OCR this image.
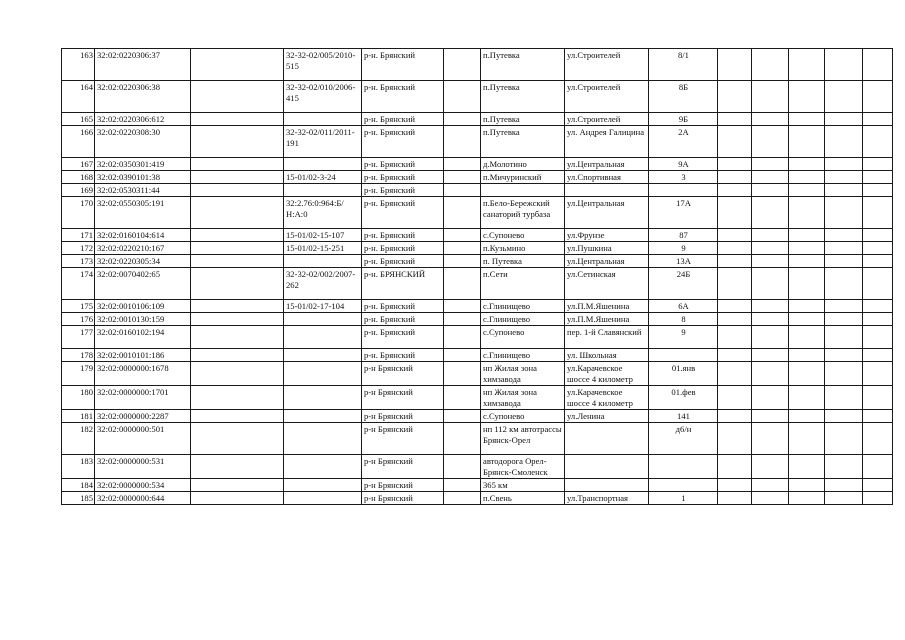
163	32:02:0220306:37		32-32-02/005/2010-515	р-н. Брянский		п.Путевка	ул.Строителей	8/1					
164	32:02:0220306:38		32-32-02/010/2006-415	р-н. Брянский		п.Путевка	ул.Строителей	8Б					
165	32:02:0220306:612			р-н. Брянский		п.Путевка	ул.Строителей	9Б					
166	32:02:0220308:30		32-32-02/011/2011-191	р-н. Брянский		п.Путевка	ул. Андрея Галицина	2А					
167	32:02:0350301:419			р-н. Брянский		д.Молотино	ул.Центральная	9А					
168	32:02:0390101:38		15-01/02-3-24	р-н. Брянский		п.Мичуринский	ул.Спортивная	3					
169	32:02:0530311:44			р-н. Брянский									
170	32:02:0550305:191		32:2.76:0:964:Б/Н:А:0	р-н. Брянский		п.Бело-Бережский санаторий турбаза	ул.Центральная	17А					
171	32:02:0160104:614		15-01/02-15-107	р-н. Брянский		с.Супонево	ул.Фрунзе	87					
172	32:02:0220210:167		15-01/02-15-251	р-н. Брянский		п.Кузьмино	ул.Пушкина	9					
173	32:02:0220305:34			р-н. Брянский		п. Путевка	ул.Центральная	13А					
174	32:02:0070402:65		32-32-02/002/2007-262	р-н. БРЯНСКИЙ		п.Сети	ул.Сетинская	24Б					
175	32:02:0010106:109		15-01/02-17-104	р-н. Брянский		с.Глинищево	ул.П.М.Яшенина	6А					
176	32:02:0010130:159			р-н. Брянский		с.Глинищево	ул.П.М.Яшенина	8					
177	32:02:0160102:194			р-н. Брянский		с.Супонево	пер. 1-й Славянский	9					
178	32:02:0010101:186			р-н. Брянский		с.Глинищево	ул. Школьная						
179	32:02:0000000:1678			р-н Брянский		нп Жилая зона химзавода	ул.Карачевское шоссе 4 километр	01.янв					
180	32:02:0000000:1701			р-н Брянский		нп Жилая зона химзавода	ул.Карачевское шоссе 4 километр	01.фев					
181	32:02:0000000:2287			р-н Брянский		с.Супонево	ул.Ленина	141					
182	32:02:0000000:501			р-н Брянский		нп 112 км автотрассы Брянск-Орел		д6/н					
183	32:02:0000000:531			р-н Брянский		автодорога Орел-Брянск-Смоленск							
184	32:02:0000000:534			р-н Брянский		365 км							
185	32:02:0000000:644			р-н Брянский		п.Свень	ул.Транспортная	1					
